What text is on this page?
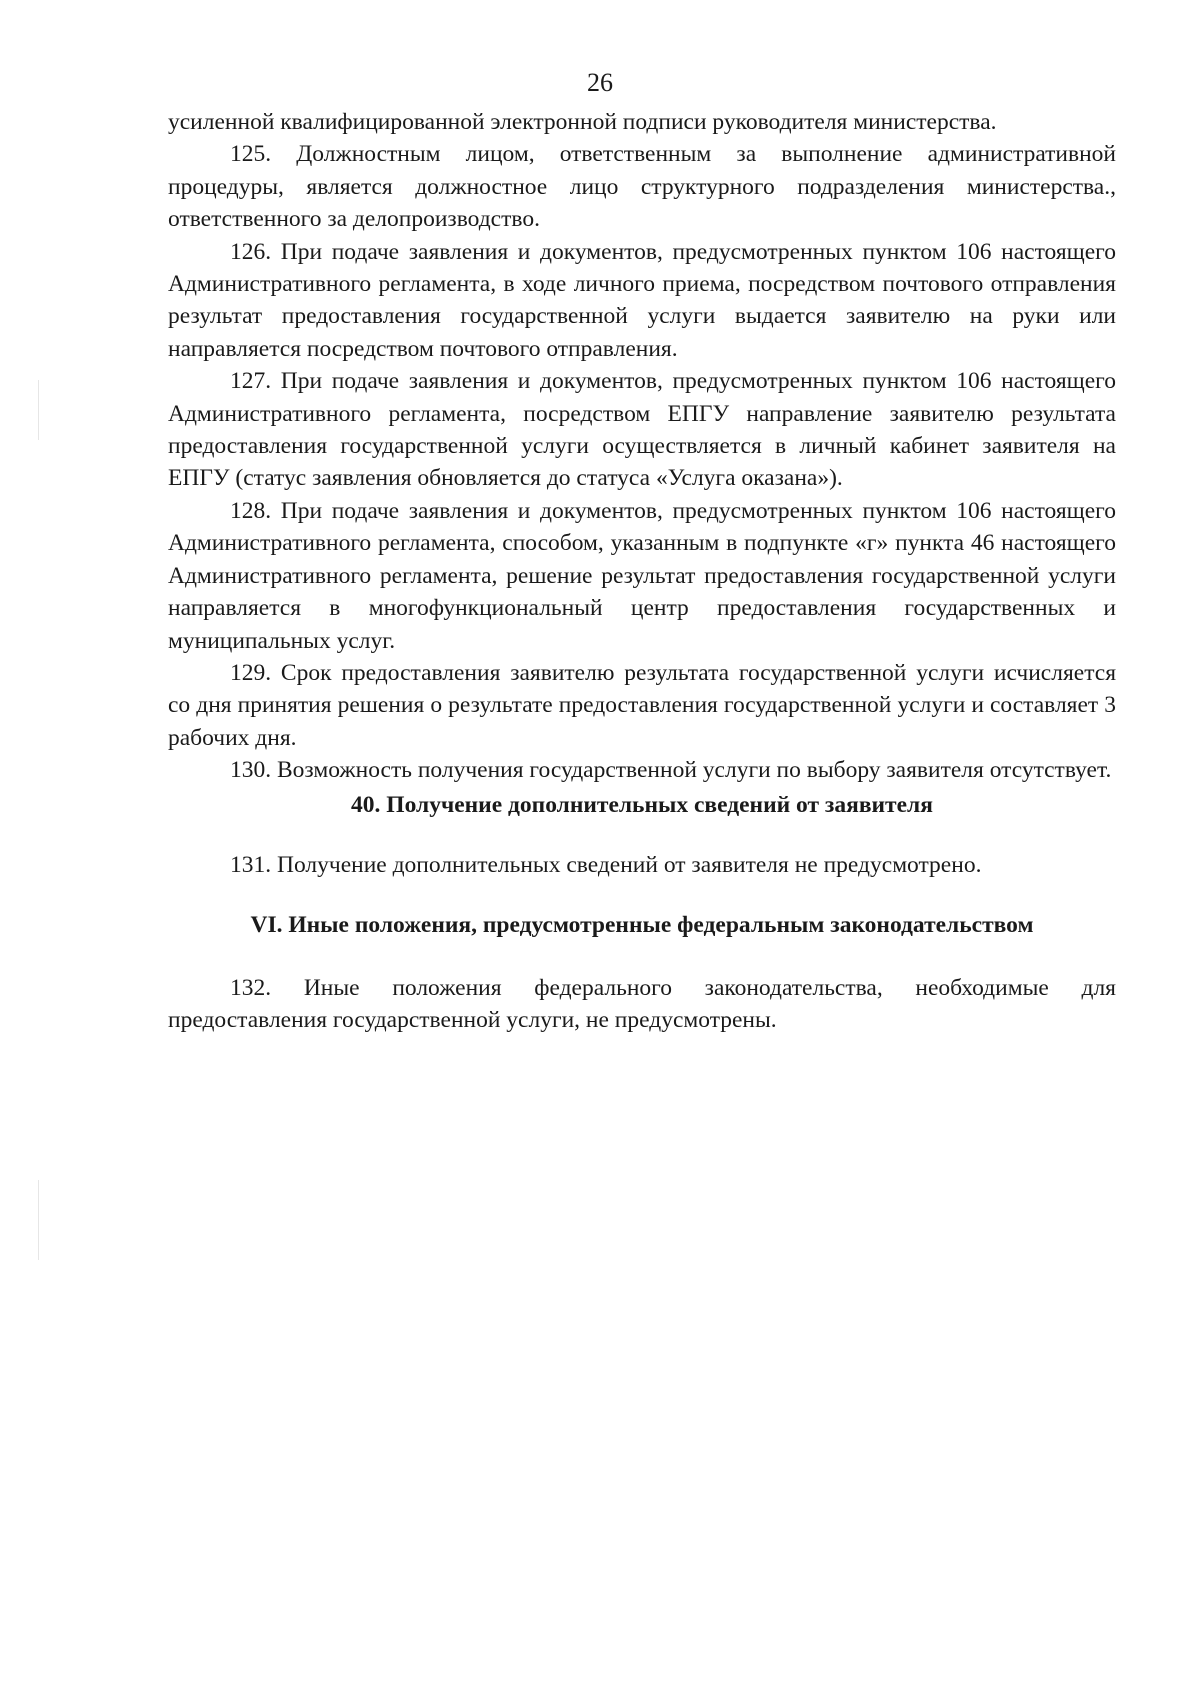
26

усиленной квалифицированной электронной подписи руководителя министерства.

125. Должностным лицом, ответственным за выполнение административной процедуры, является должностное лицо структурного подразделения министерства., ответственного за делопроизводство.

126. При подаче заявления и документов, предусмотренных пунктом 106 настоящего Административного регламента, в ходе личного приема, посредством почтового отправления результат предоставления государственной услуги выдается заявителю на руки или направляется посредством почтового отправления.

127. При подаче заявления и документов, предусмотренных пунктом 106 настоящего Административного регламента, посредством ЕПГУ направление заявителю результата предоставления государственной услуги осуществляется в личный кабинет заявителя на ЕПГУ (статус заявления обновляется до статуса «Услуга оказана»).

128. При подаче заявления и документов, предусмотренных пунктом 106 настоящего Административного регламента, способом, указанным в подпункте «г» пункта 46 настоящего Административного регламента, решение результат предоставления государственной услуги направляется в многофункциональный центр предоставления государственных и муниципальных услуг.

129. Срок предоставления заявителю результата государственной услуги исчисляется со дня принятия решения о результате предоставления государственной услуги и составляет 3 рабочих дня.

130. Возможность получения государственной услуги по выбору заявителя отсутствует.

40. Получение дополнительных сведений от заявителя

131. Получение дополнительных сведений от заявителя не предусмотрено.

VI. Иные положения, предусмотренные федеральным законодательством

132. Иные положения федерального законодательства, необходимые для предоставления государственной услуги, не предусмотрены.
